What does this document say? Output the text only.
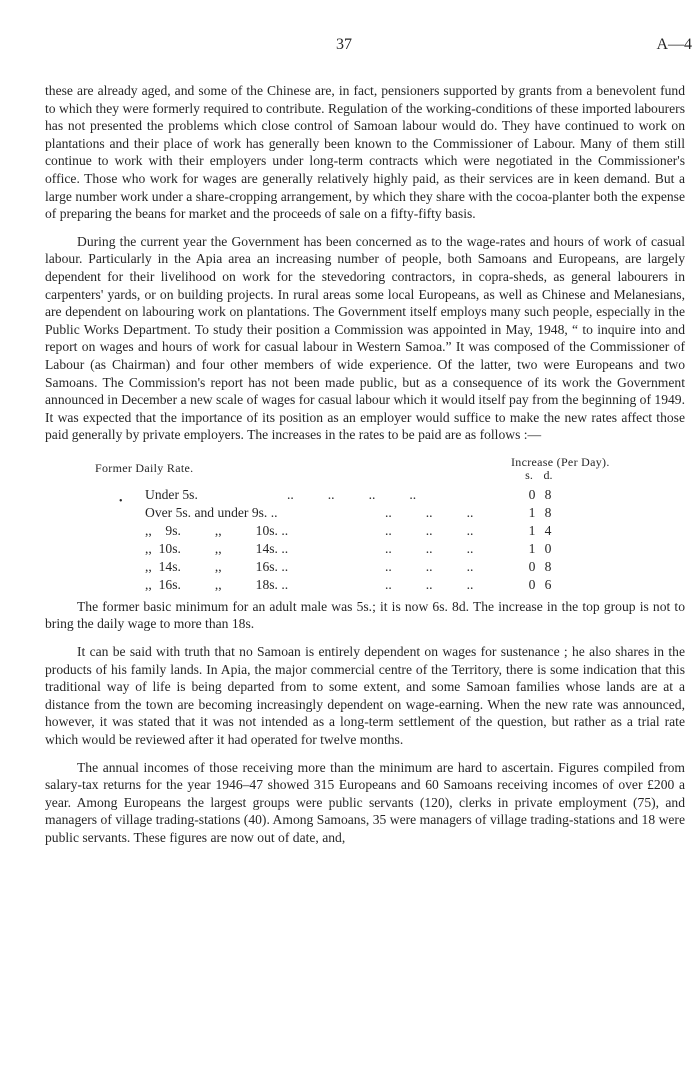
37	A—4

these are already aged, and some of the Chinese are, in fact, pensioners supported by grants from a benevolent fund to which they were formerly required to contribute. Regulation of the working-conditions of these imported labourers has not presented the problems which close control of Samoan labour would do. They have continued to work on plantations and their place of work has generally been known to the Commissioner of Labour. Many of them still continue to work with their employers under long-term contracts which were negotiated in the Commissioner's office. Those who work for wages are generally relatively highly paid, as their services are in keen demand. But a large number work under a share-cropping arrangement, by which they share with the cocoa-planter both the expense of preparing the beans for market and the proceeds of sale on a fifty-fifty basis.

During the current year the Government has been concerned as to the wage-rates and hours of work of casual labour. Particularly in the Apia area an increasing number of people, both Samoans and Europeans, are largely dependent for their livelihood on work for the stevedoring contractors, in copra-sheds, as general labourers in carpenters' yards, or on building projects. In rural areas some local Europeans, as well as Chinese and Melanesians, are dependent on labouring work on plantations. The Government itself employs many such people, especially in the Public Works Department. To study their position a Commission was appointed in May, 1948, “ to inquire into and report on wages and hours of work for casual labour in Western Samoa.” It was composed of the Commissioner of Labour (as Chairman) and four other members of wide experience. Of the latter, two were Europeans and two Samoans. The Commission's report has not been made public, but as a consequence of its work the Government announced in December a new scale of wages for casual labour which it would itself pay from the beginning of 1949. It was expected that the importance of its position as an employer would suffice to make the new rates affect those paid generally by private employers. The increases in the rates to be paid are as follows :—

Former Daily Rate.	Increase (Per Day).
s. d.
• Under 5s.	..          ..          ..          ..	0 8
Over 5s. and under 9s. ..	..          ..          ..	1 8
,,    9s.          ,,          10s. ..	..          ..          ..	1 4
,,  10s.          ,,          14s. ..	..          ..          ..	1 0
,,  14s.          ,,          16s. ..	..          ..          ..	0 8
,,  16s.          ,,          18s. ..	..          ..          ..	0 6

The former basic minimum for an adult male was 5s.; it is now 6s. 8d. The increase in the top group is not to bring the daily wage to more than 18s.

It can be said with truth that no Samoan is entirely dependent on wages for sustenance ; he also shares in the products of his family lands. In Apia, the major commercial centre of the Territory, there is some indication that this traditional way of life is being departed from to some extent, and some Samoan families whose lands are at a distance from the town are becoming increasingly dependent on wage-earning. When the new rate was announced, however, it was stated that it was not intended as a long-term settlement of the question, but rather as a trial rate which would be reviewed after it had operated for twelve months.

The annual incomes of those receiving more than the minimum are hard to ascertain. Figures compiled from salary-tax returns for the year 1946–47 showed 315 Europeans and 60 Samoans receiving incomes of over £200 a year. Among Europeans the largest groups were public servants (120), clerks in private employment (75), and managers of village trading-stations (40). Among Samoans, 35 were managers of village trading-stations and 18 were public servants. These figures are now out of date, and,
